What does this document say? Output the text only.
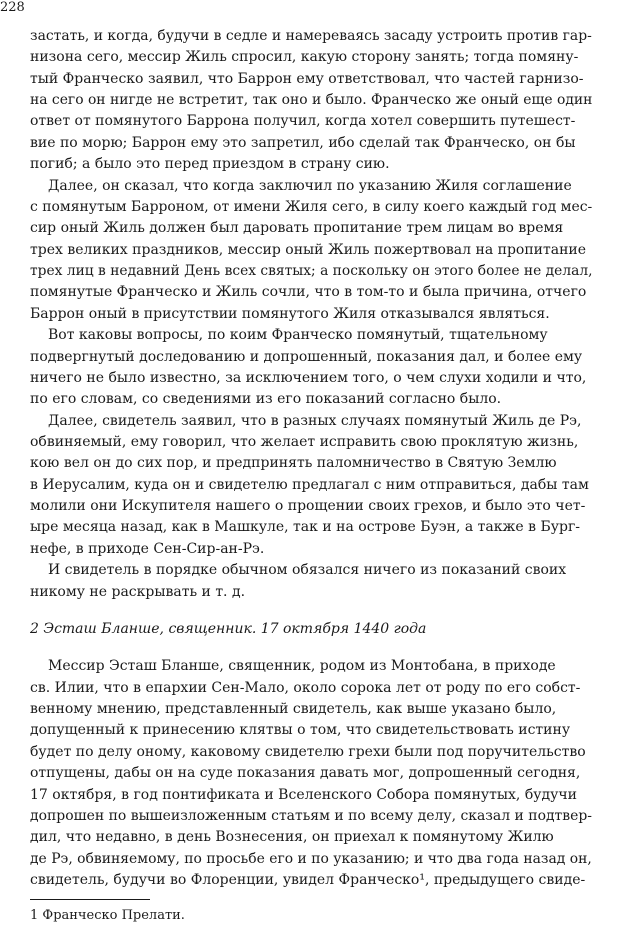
228
застать, и когда, будучи в седле и намереваясь засаду устроить против гар-
низона сего, мессир Жиль спросил, какую сторону занять; тогда помяну-
тый Франческо заявил, что Баррон ему ответствовал, что частей гарнизо-
на сего он нигде не встретит, так оно и было. Франческо же оный еще один
ответ от помянутого Баррона получил, когда хотел совершить путешест-
вие по морю; Баррон ему это запретил, ибо сделай так Франческо, он бы
погиб; а было это перед приездом в страну сию.
Далее, он сказал, что когда заключил по указанию Жиля соглашение
с помянутым Барроном, от имени Жиля сего, в силу коего каждый год мес-
сир оный Жиль должен был даровать пропитание трем лицам во время
трех великих праздников, мессир оный Жиль пожертвовал на пропитание
трех лиц в недавний День всех святых; а поскольку он этого более не делал,
помянутые Франческо и Жиль сочли, что в том-то и была причина, отчего
Баррон оный в присутствии помянутого Жиля отказывался являться.
Вот каковы вопросы, по коим Франческо помянутый, тщательному
подвергнутый доследованию и допрошенный, показания дал, и более ему
ничего не было известно, за исключением того, о чем слухи ходили и что,
по его словам, со сведениями из его показаний согласно было.
Далее, свидетель заявил, что в разных случаях помянутый Жиль де Рэ,
обвиняемый, ему говорил, что желает исправить свою проклятую жизнь,
кою вел он до сих пор, и предпринять паломничество в Святую Землю
в Иерусалим, куда он и свидетелю предлагал с ним отправиться, дабы там
молили они Искупителя нашего о прощении своих грехов, и было это чет-
ыре месяца назад, как в Машкуле, так и на острове Буэн, а также в Бург-
нефе, в приходе Сен-Сир-ан-Рэ.
И свидетель в порядке обычном обязался ничего из показаний своих
никому не раскрывать и т. д.
2 Эсташ Бланше, священник. 17 октября 1440 года
Мессир Эсташ Бланше, священник, родом из Монтобана, в приходе
св. Илии, что в епархии Сен-Мало, около сорока лет от роду по его собст-
венному мнению, представленный свидетель, как выше указано было,
допущенный к принесению клятвы о том, что свидетельствовать истину
будет по делу оному, каковому свидетелю грехи были под поручительство
отпущены, дабы он на суде показания давать мог, допрошенный сегодня,
17 октября, в год понтификата и Вселенского Собора помянутых, будучи
допрошен по вышеизложенным статьям и по всему делу, сказал и подтвер-
дил, что недавно, в день Вознесения, он приехал к помянутому Жилю
де Рэ, обвиняемому, по просьбе его и по указанию; и что два года назад он,
свидетель, будучи во Флоренции, увидел Франческо¹, предыдущего свиде-
1 Франческо Прелати.
